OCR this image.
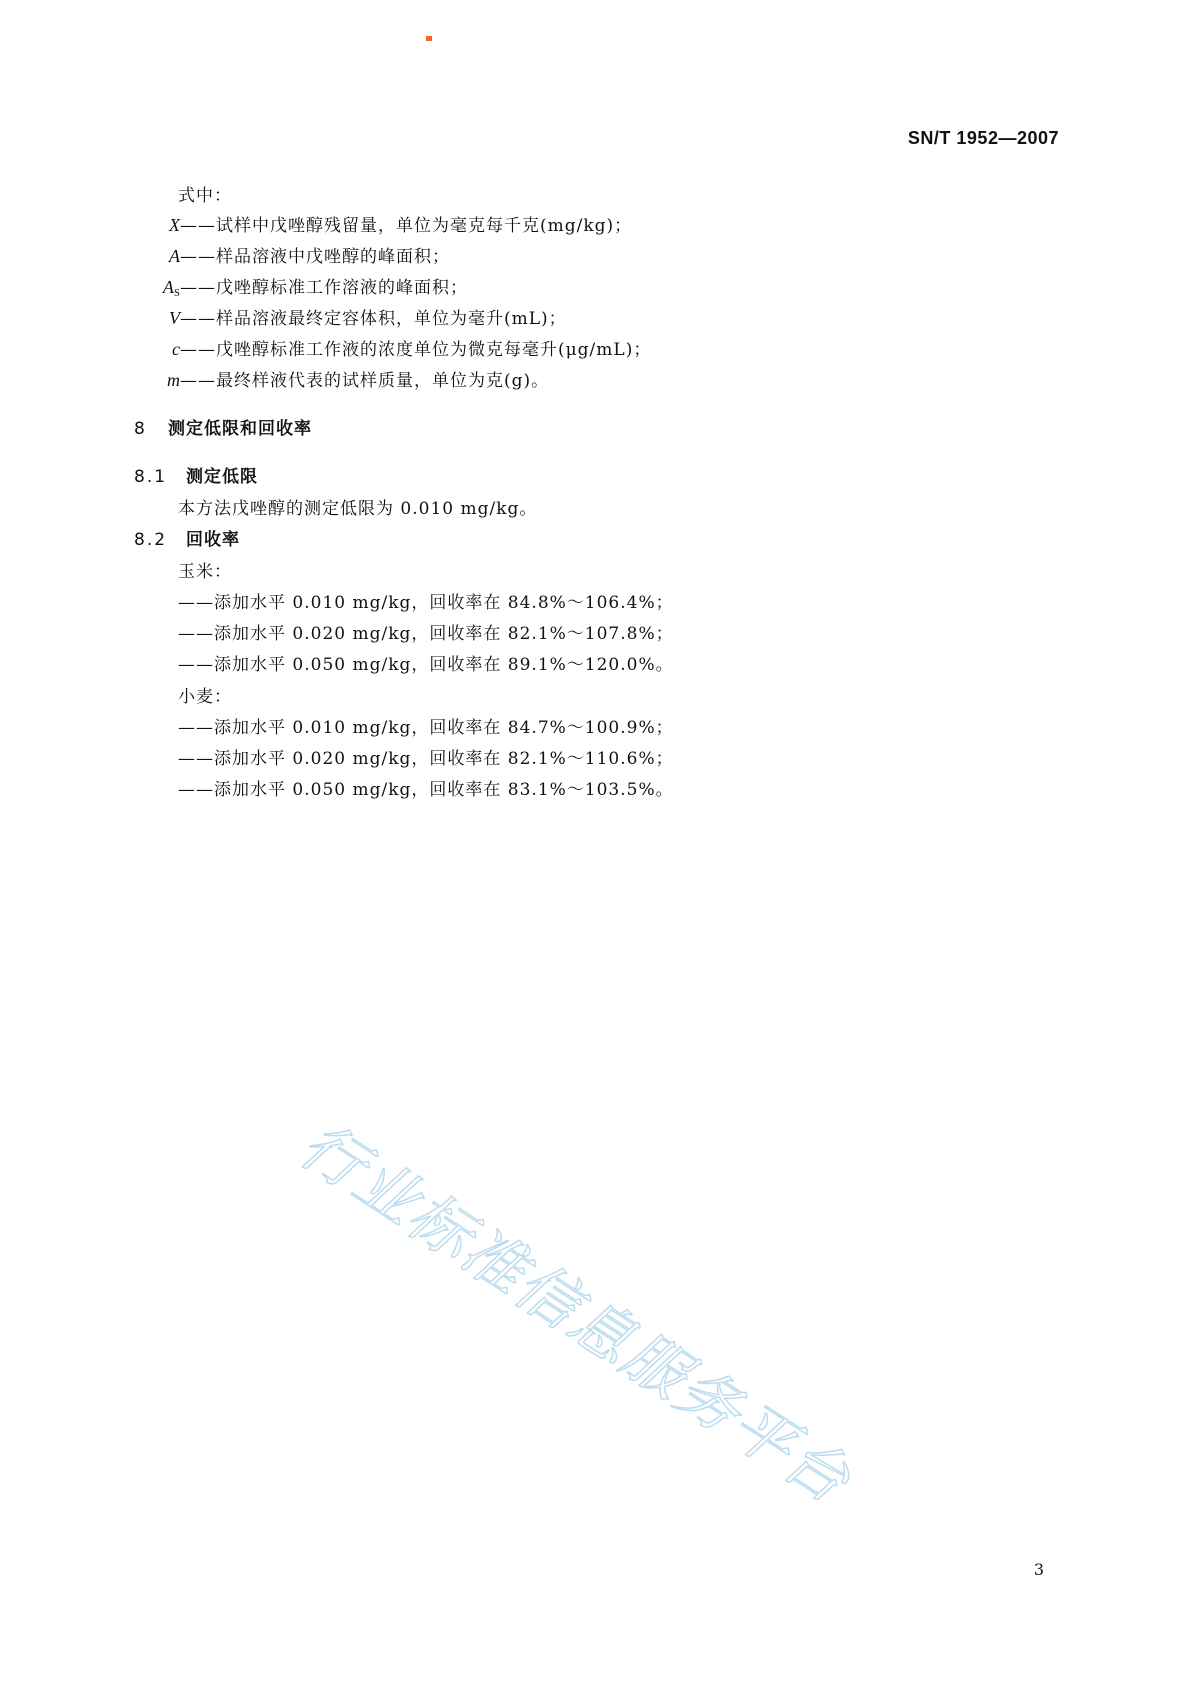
SN/T 1952—2007
式中：
X——试样中戊唑醇残留量，单位为毫克每千克(mg/kg)；
A——样品溶液中戊唑醇的峰面积；
$A_S——$戊唑醇标准工作溶液的峰面积；
V——样品溶液最终定容体积，单位为毫升(mL)；
c——戊唑醇标准工作液的浓度单位为微克每毫升(μg/mL)；
m——最终样液代表的试样质量，单位为克(g)。
8 测定低限和回收率
8.1 测定低限
本方法戊唑醇的测定低限为 0.010 mg/kg。
8.2 回收率
玉米：
——添加水平 0.010 mg/kg，回收率在 84.8%～106.4%；
——添加水平 0.020 mg/kg，回收率在 82.1%～107.8%；
——添加水平 0.050 mg/kg，回收率在 89.1%～120.0%。
小麦：
——添加水平 0.010 mg/kg，回收率在 84.7%～100.9%；
——添加水平 0.020 mg/kg，回收率在 82.1%～110.6%；
——添加水平 0.050 mg/kg，回收率在 83.1%～103.5%。
行业标准信息服务平台
3
